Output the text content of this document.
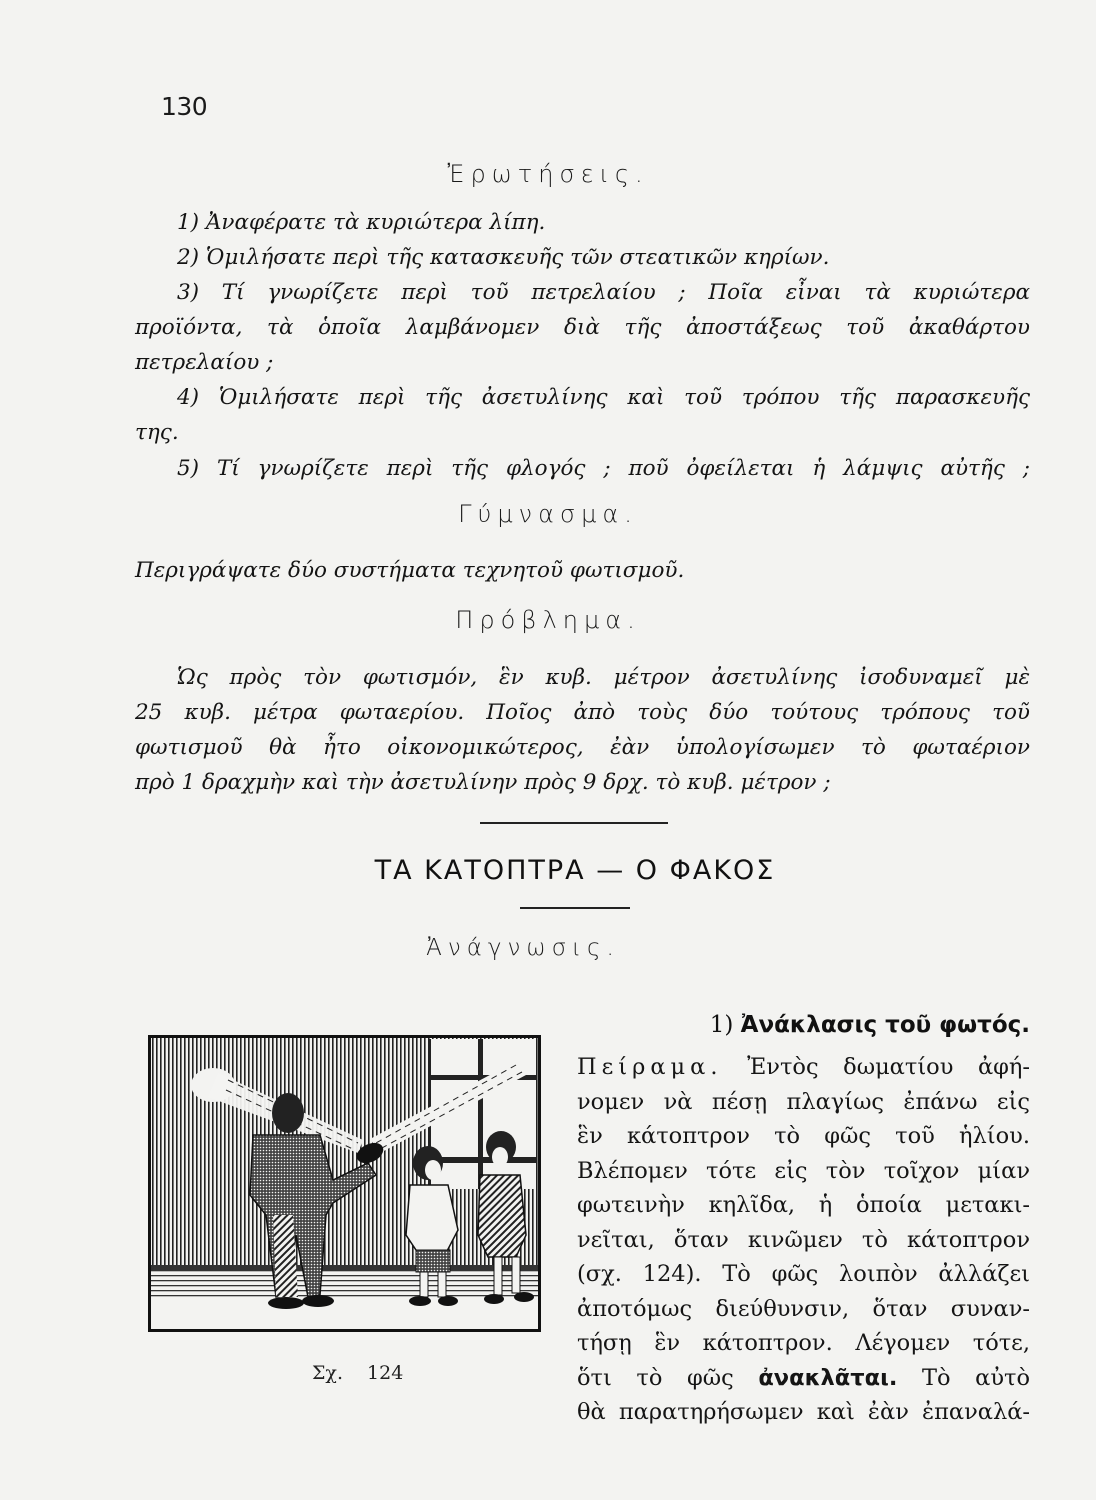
130
Ἐρωτήσεις.
1) Ἀναφέρατε τὰ κυριώτερα λίπη.
2) Ὁμιλήσατε περὶ τῆς κατασκευῆς τῶν στεατικῶν κηρίων.
3) Τί γνωρίζετε περὶ τοῦ πετρελαίου ; Ποῖα εἶναι τὰ κυριώτερα
προϊόντα, τὰ ὁποῖα λαμβάνομεν διὰ τῆς ἀποστάξεως τοῦ ἀκαθάρτου
πετρελαίου ;
4) Ὁμιλήσατε περὶ τῆς ἀσετυλίνης καὶ τοῦ τρόπου τῆς παρασκευῆς
της.
5) Τί γνωρίζετε περὶ τῆς φλογός ; ποῦ ὀφείλεται ἡ λάμψις αὐτῆς ;
Γύμνασμα.
Περιγράψατε δύο συστήματα τεχνητοῦ φωτισμοῦ.
Πρόβλημα.
Ὡς πρὸς τὸν φωτισμόν, ἓν κυβ. μέτρον ἀσετυλίνης ἰσοδυναμεῖ μὲ
25 κυβ. μέτρα φωταερίου. Ποῖος ἀπὸ τοὺς δύο τούτους τρόπους τοῦ
φωτισμοῦ θὰ ἦτο οἰκονομικώτερος, ἐὰν ὑπολογίσωμεν τὸ φωταέριον
πρὸ 1 δραχμὴν καὶ τὴν ἀσετυλίνην πρὸς 9 δρχ. τὸ κυβ. μέτρον ;
ΤΑ ΚΑΤΟΠΤΡΑ — Ο ΦΑΚΟΣ
Ἀνάγνωσις.
1) Ἀνάκλασις τοῦ φωτός.
Πείραμα. Ἐντὸς δωματίου ἀφή-
νομεν νὰ πέσῃ πλαγίως ἐπάνω εἰς
ἓν κάτοπτρον τὸ φῶς τοῦ ἡλίου.
Βλέπομεν τότε εἰς τὸν τοῖχον μίαν
φωτεινὴν κηλῖδα, ἡ ὁποία μετακι-
νεῖται, ὅταν κινῶμεν τὸ κάτοπτρον
(σχ. 124). Τὸ φῶς λοιπὸν ἀλλάζει
ἀποτόμως διεύθυνσιν, ὅταν συναν-
τήσῃ ἓν κάτοπτρον. Λέγομεν τότε,
ὅτι τὸ φῶς ἀνακλᾶται. Τὸ αὐτὸ
θὰ παρατηρήσωμεν καὶ ἐὰν ἐπαναλά-
Σχ. 124
